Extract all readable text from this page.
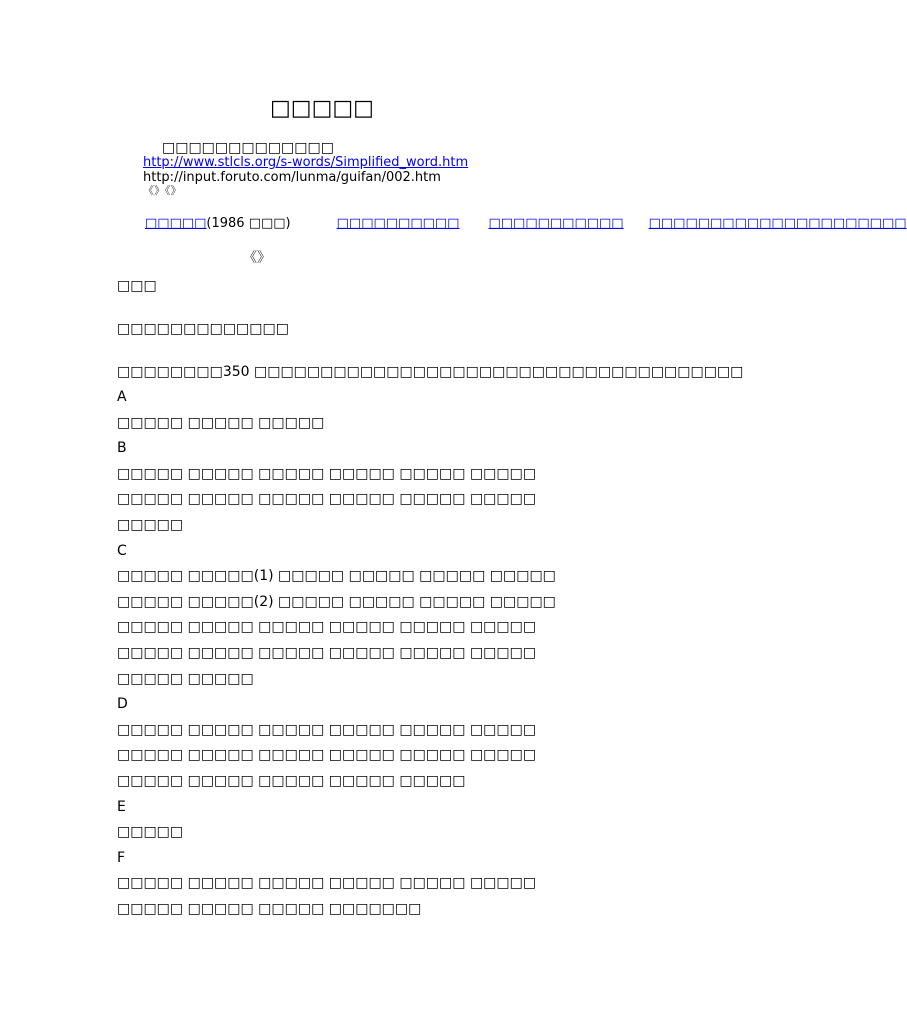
□□□□□
□□□□□□□□□□□□□
http://www.stlcls.org/s-words/Simplified_word.htm
http://input.foruto.com/lunma/guifan/002.htm
《》《》
□□□□□(1986 □□□)	□□□□□□□□□□ □□□□□□□□□□□ □□□□□□□□□□□□□□□□□□□□□
《》
□□□
□□□□□□□□□□□□□
□□□□□□□□350 □□□□□□□□□□□□□□□□□□□□□□□□□□□□□□□□□□□□□
A
□□□□□ □□□□□ □□□□□
B
□□□□□ □□□□□ □□□□□ □□□□□ □□□□□ □□□□□
□□□□□ □□□□□ □□□□□ □□□□□ □□□□□ □□□□□
□□□□□
C
□□□□□ □□□□□(1) □□□□□ □□□□□ □□□□□ □□□□□
□□□□□ □□□□□(2) □□□□□ □□□□□ □□□□□ □□□□□
□□□□□ □□□□□ □□□□□ □□□□□ □□□□□ □□□□□
□□□□□ □□□□□ □□□□□ □□□□□ □□□□□ □□□□□
□□□□□ □□□□□
D
□□□□□ □□□□□ □□□□□ □□□□□ □□□□□ □□□□□
□□□□□ □□□□□ □□□□□ □□□□□ □□□□□ □□□□□
□□□□□ □□□□□ □□□□□ □□□□□ □□□□□
E
□□□□□
F
□□□□□ □□□□□ □□□□□ □□□□□ □□□□□ □□□□□
□□□□□ □□□□□ □□□□□ □□□□□□□
